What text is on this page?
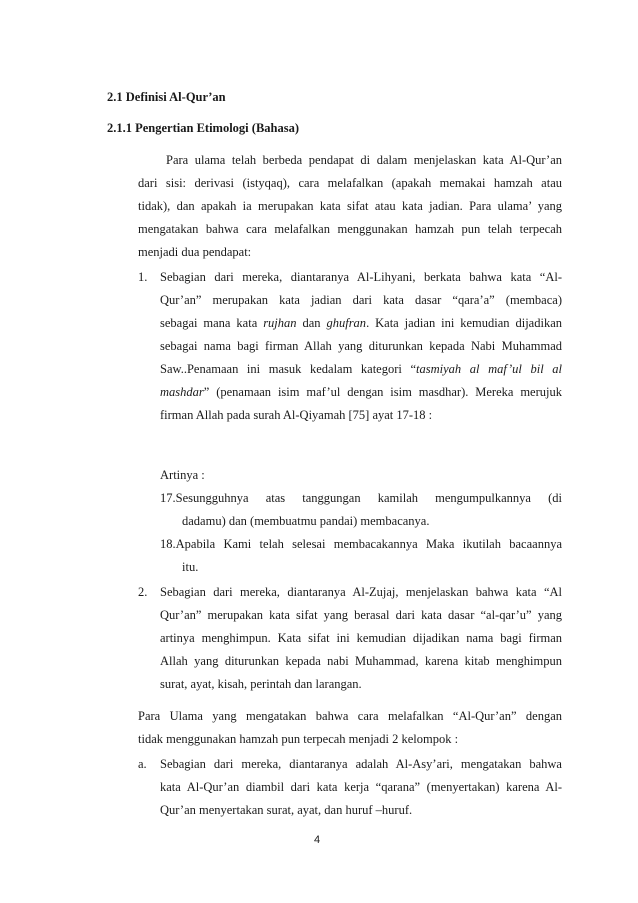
2.1 Definisi Al-Qur’an
2.1.1 Pengertian Etimologi (Bahasa)
Para ulama telah berbeda pendapat di dalam menjelaskan kata Al-Qur’an
dari sisi: derivasi (istyqaq), cara melafalkan (apakah memakai hamzah atau
tidak), dan apakah ia merupakan kata sifat atau kata jadian. Para ulama’ yang
mengatakan bahwa cara melafalkan menggunakan hamzah pun telah terpecah
menjadi dua pendapat:
1. Sebagian dari mereka, diantaranya Al-Lihyani, berkata bahwa kata “Al-
Qur’an” merupakan kata jadian dari kata dasar “qara’a” (membaca)
sebagai mana kata rujhan dan ghufran. Kata jadian ini kemudian dijadikan
sebagai nama bagi firman Allah yang diturunkan kepada Nabi Muhammad
Saw..Penamaan ini masuk kedalam kategori “tasmiyah al maf’ul bil al
mashdar” (penamaan isim maf’ul dengan isim masdhar). Mereka merujuk
firman Allah pada surah Al-Qiyamah [75] ayat 17-18 :
Artinya :
17.Sesungguhnya atas tanggungan kamilah mengumpulkannya (di
dadamu) dan (membuatmu pandai) membacanya.
18.Apabila Kami telah selesai membacakannya Maka ikutilah bacaannya
itu.
2. Sebagian dari mereka, diantaranya Al-Zujaj, menjelaskan bahwa kata “Al
Qur’an” merupakan kata sifat yang berasal dari kata dasar “al-qar’u” yang
artinya menghimpun. Kata sifat ini kemudian dijadikan nama bagi firman
Allah yang diturunkan kepada nabi Muhammad, karena kitab menghimpun
surat, ayat, kisah, perintah dan larangan.
Para Ulama yang mengatakan bahwa cara melafalkan “Al-Qur’an” dengan
tidak menggunakan hamzah pun terpecah menjadi 2 kelompok :
a. Sebagian dari mereka, diantaranya adalah Al-Asy’ari, mengatakan bahwa
kata Al-Qur’an diambil dari kata kerja “qarana” (menyertakan) karena Al-
Qur’an menyertakan surat, ayat, dan huruf –huruf.
4
